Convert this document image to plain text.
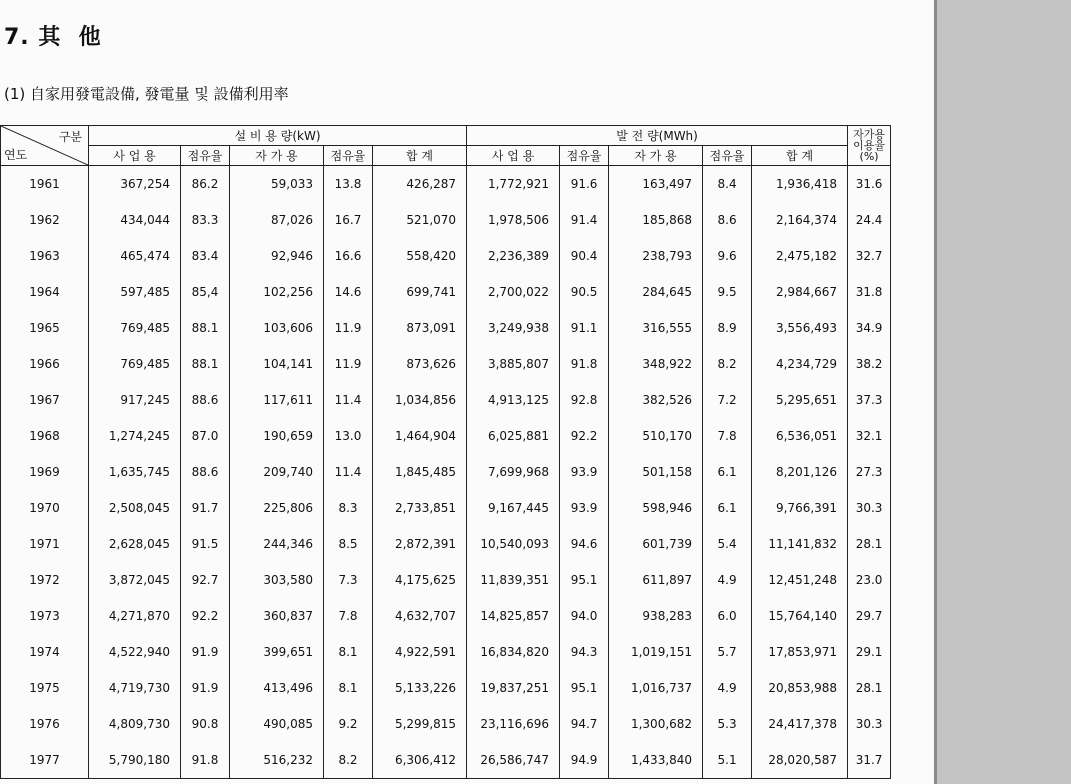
7. 其  他
(1) 自家用發電設備, 發電量 및 設備利用率
구분
연도	설 비 용 량(kW)					발 전 량(MWh)					자가용
이용율
(%)

	사 업 용	점유율	자 가 용	점유율	합 계	사 업 용	점유율	자 가 용	점유율	합 계	
1961	367,254	86.2	59,033	13.8	426,287	1,772,921	91.6	163,497	8.4	1,936,418	31.6
1962	434,044	83.3	87,026	16.7	521,070	1,978,506	91.4	185,868	8.6	2,164,374	24.4
1963	465,474	83.4	92,946	16.6	558,420	2,236,389	90.4	238,793	9.6	2,475,182	32.7
1964	597,485	85,4	102,256	14.6	699,741	2,700,022	90.5	284,645	9.5	2,984,667	31.8
1965	769,485	88.1	103,606	11.9	873,091	3,249,938	91.1	316,555	8.9	3,556,493	34.9
1966	769,485	88.1	104,141	11.9	873,626	3,885,807	91.8	348,922	8.2	4,234,729	38.2
1967	917,245	88.6	117,611	11.4	1,034,856	4,913,125	92.8	382,526	7.2	5,295,651	37.3
1968	1,274,245	87.0	190,659	13.0	1,464,904	6,025,881	92.2	510,170	7.8	6,536,051	32.1
1969	1,635,745	88.6	209,740	11.4	1,845,485	7,699,968	93.9	501,158	6.1	8,201,126	27.3
1970	2,508,045	91.7	225,806	8.3	2,733,851	9,167,445	93.9	598,946	6.1	9,766,391	30.3
1971	2,628,045	91.5	244,346	8.5	2,872,391	10,540,093	94.6	601,739	5.4	11,141,832	28.1
1972	3,872,045	92.7	303,580	7.3	4,175,625	11,839,351	95.1	611,897	4.9	12,451,248	23.0
1973	4,271,870	92.2	360,837	7.8	4,632,707	14,825,857	94.0	938,283	6.0	15,764,140	29.7
1974	4,522,940	91.9	399,651	8.1	4,922,591	16,834,820	94.3	1,019,151	5.7	17,853,971	29.1
1975	4,719,730	91.9	413,496	8.1	5,133,226	19,837,251	95.1	1,016,737	4.9	20,853,988	28.1
1976	4,809,730	90.8	490,085	9.2	5,299,815	23,116,696	94.7	1,300,682	5.3	24,417,378	30.3
1977	5,790,180	91.8	516,232	8.2	6,306,412	26,586,747	94.9	1,433,840	5.1	28,020,587	31.7
